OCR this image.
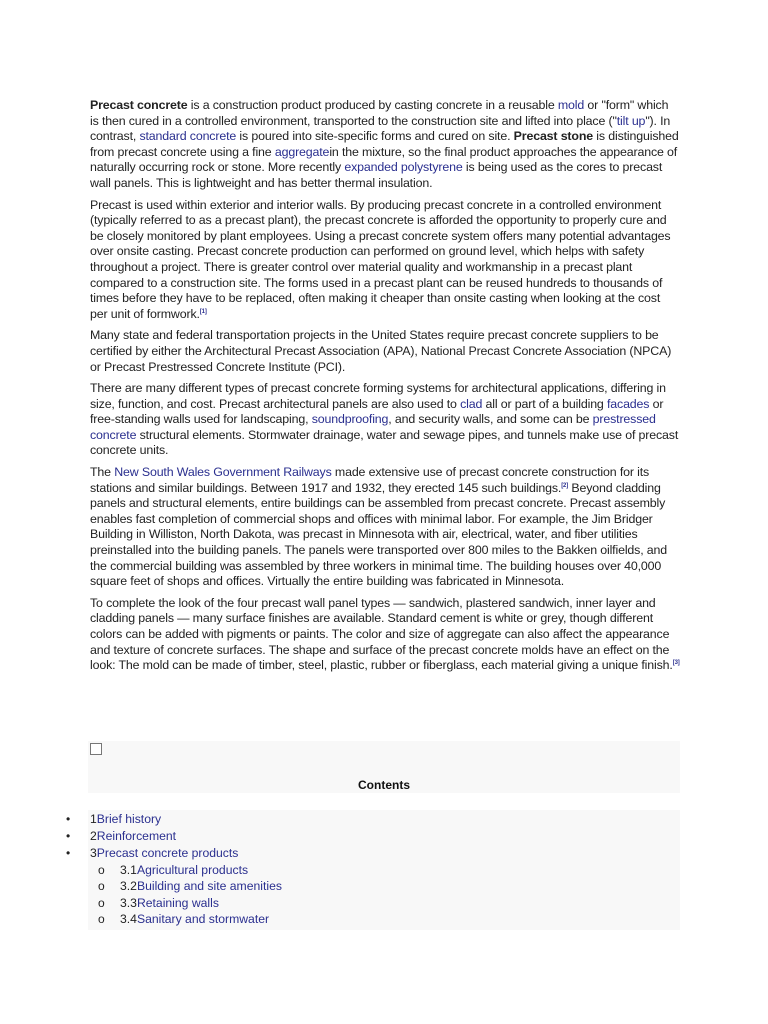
Precast concrete is a construction product produced by casting concrete in a reusable mold or "form" which is then cured in a controlled environment, transported to the construction site and lifted into place ("tilt up"). In contrast, standard concrete is poured into site-specific forms and cured on site. Precast stone is distinguished from precast concrete using a fine aggregatein the mixture, so the final product approaches the appearance of naturally occurring rock or stone. More recently expanded polystyrene is being used as the cores to precast wall panels. This is lightweight and has better thermal insulation.

Precast is used within exterior and interior walls. By producing precast concrete in a controlled environment (typically referred to as a precast plant), the precast concrete is afforded the opportunity to properly cure and be closely monitored by plant employees. Using a precast concrete system offers many potential advantages over onsite casting. Precast concrete production can performed on ground level, which helps with safety throughout a project. There is greater control over material quality and workmanship in a precast plant compared to a construction site. The forms used in a precast plant can be reused hundreds to thousands of times before they have to be replaced, often making it cheaper than onsite casting when looking at the cost per unit of formwork.[1]

Many state and federal transportation projects in the United States require precast concrete suppliers to be certified by either the Architectural Precast Association (APA), National Precast Concrete Association (NPCA) or Precast Prestressed Concrete Institute (PCI).

There are many different types of precast concrete forming systems for architectural applications, differing in size, function, and cost. Precast architectural panels are also used to clad all or part of a building facades or free-standing walls used for landscaping, soundproofing, and security walls, and some can be prestressed concrete structural elements. Stormwater drainage, water and sewage pipes, and tunnels make use of precast concrete units.

The New South Wales Government Railways made extensive use of precast concrete construction for its stations and similar buildings. Between 1917 and 1932, they erected 145 such buildings.[2] Beyond cladding panels and structural elements, entire buildings can be assembled from precast concrete. Precast assembly enables fast completion of commercial shops and offices with minimal labor. For example, the Jim Bridger Building in Williston, North Dakota, was precast in Minnesota with air, electrical, water, and fiber utilities preinstalled into the building panels. The panels were transported over 800 miles to the Bakken oilfields, and the commercial building was assembled by three workers in minimal time. The building houses over 40,000 square feet of shops and offices. Virtually the entire building was fabricated in Minnesota.

To complete the look of the four precast wall panel types — sandwich, plastered sandwich, inner layer and cladding panels — many surface finishes are available. Standard cement is white or grey, though different colors can be added with pigments or paints. The color and size of aggregate can also affect the appearance and texture of concrete surfaces. The shape and surface of the precast concrete molds have an effect on the look: The mold can be made of timber, steel, plastic, rubber or fiberglass, each material giving a unique finish.[3]

Contents
• 1Brief history
• 2Reinforcement
• 3Precast concrete products
o 3.1Agricultural products
o 3.2Building and site amenities
o 3.3Retaining walls
o 3.4Sanitary and stormwater
